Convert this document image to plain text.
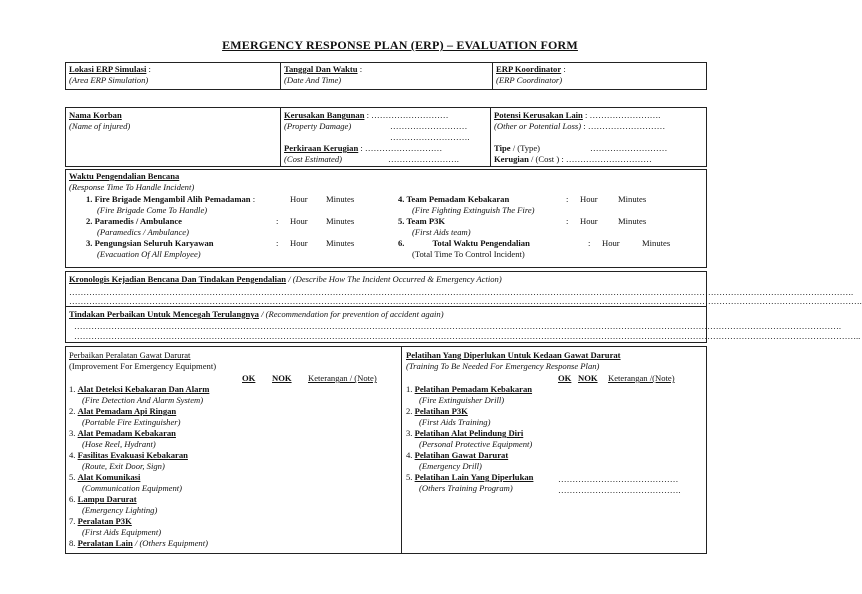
EMERGENCY RESPONSE PLAN (ERP) – EVALUATION FORM
Lokasi ERP Simulasi :
(Area ERP Simulation)
Tanggal Dan Waktu :
(Date And Time)
ERP Koordinator :
(ERP Coordinator)
Nama Korban
(Name of injured)
Kerusakan Bangunan : ………………………
(Property Damage)	………………………
……………………….
Perkiraan Kerugian : ………………………
(Cost Estimated)	…………………….
Potensi Kerusakan Lain : …………………….
(Other or Potential Loss) : ………………………
Tipe / (Type)	………………………
Kerugian / (Cost ) : …………………………
Waktu Pengendalian Bencana
(Response Time To Handle Incident)
1. Fire Brigade Mengambil Alih Pemadaman :
(Fire Brigade Come To Handle)
Hour Minutes
2. Paramedis / Ambulance	:
(Paramedics / Ambulance)
Hour Minutes
3. Pengungsian Seluruh Karyawan	:
(Evacuation Of All Employee)
Hour Minutes
4. Team Pemadam Kebakaran	:
(Fire Fighting Extinguish The Fire)
Hour Minutes
5. Team P3K	:
(First Aids team)
Hour Minutes
6.	Total Waktu Pengendalian	:
(Total Time To Control Incident)
Hour	Minutes
Kronologis Kejadian Bencana Dan Tindakan Pengendalian / (Describe How The Incident Occurred & Emergency Action)
………………………………………………………………………………………………………………………………………………………………………………………………………………………………………………….
…………………………………………………………………………………………………………………………………………………………………………………………………………………………………………………….
Tindakan Perbaikan Untuk Mencegah Terulangnya / (Recommendation for prevention of accident again)
…………………………………………………………………………………………………………………………………………………………………………………………………………………………………………….
…………………………………………………………………………………………………………………………………………………………………………………………………………………………………………………..
Perbaikan Peralatan Gawat Darurat
(Improvement For Emergency Equipment)
OK NOK Keterangan / (Note)
(Fire Detection And Alarm System)
1. Alat Deteksi Kebakaran Dan Alarm
(Portable Fire Extinguisher)
2. Alat Pemadam Api Ringan
(Hose Reel, Hydrant)
3. Alat Pemadam Kebakaran
(Route, Exit Door, Sign)
4. Fasilitas Evakuasi Kebakaran
(Communication Equipment)
5. Alat Komunikasi
(Emergency Lighting)
6. Lampu Darurat
(First Aids Equipment)
7. Peralatan P3K
8. Peralatan Lain / (Others Equipment)
Pelatihan Yang Diperlukan Untuk Kedaan Gawat Darurat
(Training To Be Needed For Emergency Response Plan)
OK NOK Keterangan /(Note)
(Fire Extinguisher Drill)
1. Pelatihan Pemadam Kebakaran
(First Aids Training)
2. Pelatihan P3K
(Personal Protective Equipment)
3. Pelatihan Alat Pelindung Diri
(Emergency Drill)
4. Pelatihan Gawat Darurat
(Others Training Program)
5. Pelatihan Lain Yang Diperlukan	……………………………………
…………………………………….
